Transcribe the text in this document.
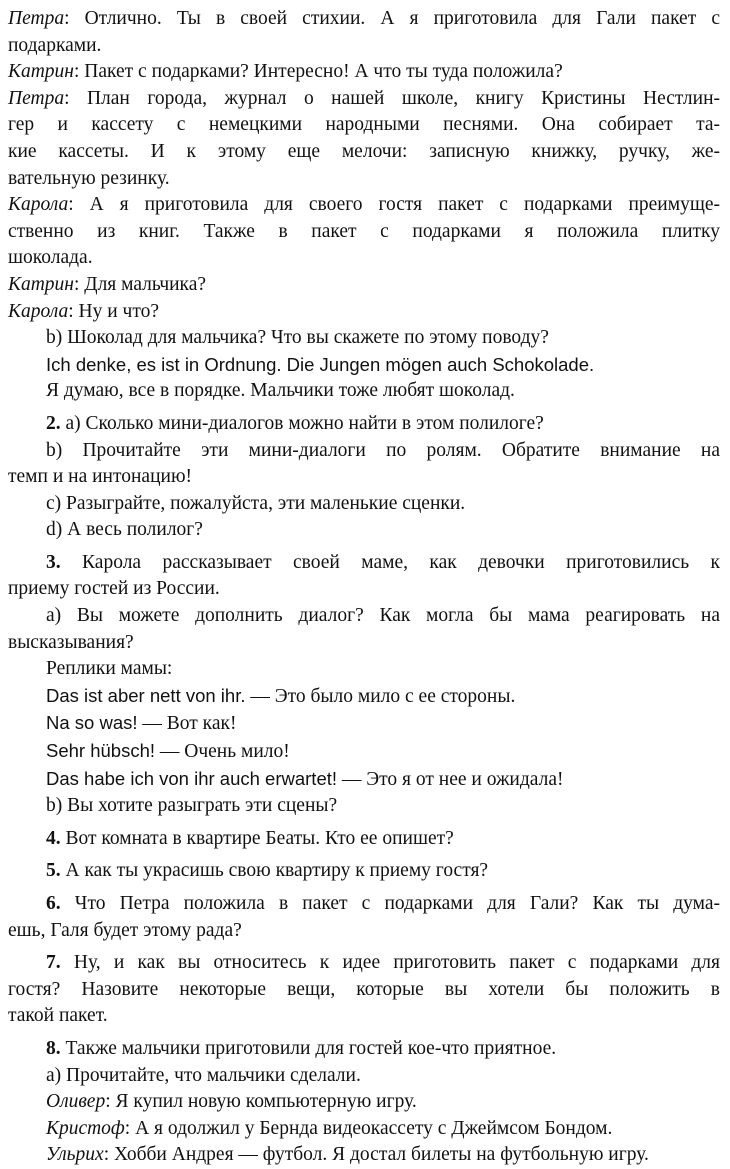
Петра: Отлично. Ты в своей стихии. А я приготовила для Гали пакет с
подарками.
Катрин: Пакет с подарками? Интересно! А что ты туда положила?
Петра: План города, журнал о нашей школе, книгу Кристины Нестлин-
гер и кассету с немецкими народными песнями. Она собирает та-
кие кассеты. И к этому еще мелочи: записную книжку, ручку, же-
вательную резинку.
Карола: А я приготовила для своего гостя пакет с подарками преимуще-
ственно из книг. Также в пакет с подарками я положила плитку
шоколада.
Катрин: Для мальчика?
Карола: Ну и что?
b) Шоколад для мальчика? Что вы скажете по этому поводу?
Ich denke, es ist in Ordnung. Die Jungen mögen auch Schokolade.
Я думаю, все в порядке. Мальчики тоже любят шоколад.
2. а) Сколько мини-диалогов можно найти в этом полилоге?
b) Прочитайте эти мини-диалоги по ролям. Обратите внимание на
темп и на интонацию!
c) Разыграйте, пожалуйста, эти маленькие сценки.
d) А весь полилог?
3. Карола рассказывает своей маме, как девочки приготовились к
приему гостей из России.
а) Вы можете дополнить диалог? Как могла бы мама реагировать на
высказывания?
Реплики мамы:
Das ist aber nett von ihr. — Это было мило с ее стороны.
Na so was! — Вот как!
Sehr hübsch! — Очень мило!
Das habe ich von ihr auch erwartet! — Это я от нее и ожидала!
b) Вы хотите разыграть эти сцены?
4. Вот комната в квартире Беаты. Кто ее опишет?
5. А как ты украсишь свою квартиру к приему гостя?
6. Что Петра положила в пакет с подарками для Гали? Как ты дума-
ешь, Галя будет этому рада?
7. Ну, и как вы относитесь к идее приготовить пакет с подарками для
гостя? Назовите некоторые вещи, которые вы хотели бы положить в
такой пакет.
8. Также мальчики приготовили для гостей кое-что приятное.
а) Прочитайте, что мальчики сделали.
Оливер: Я купил новую компьютерную игру.
Кристоф: А я одолжил у Бернда видеокассету с Джеймсом Бондом.
Ульрих: Хобби Андрея — футбол. Я достал билеты на футбольную игру.
